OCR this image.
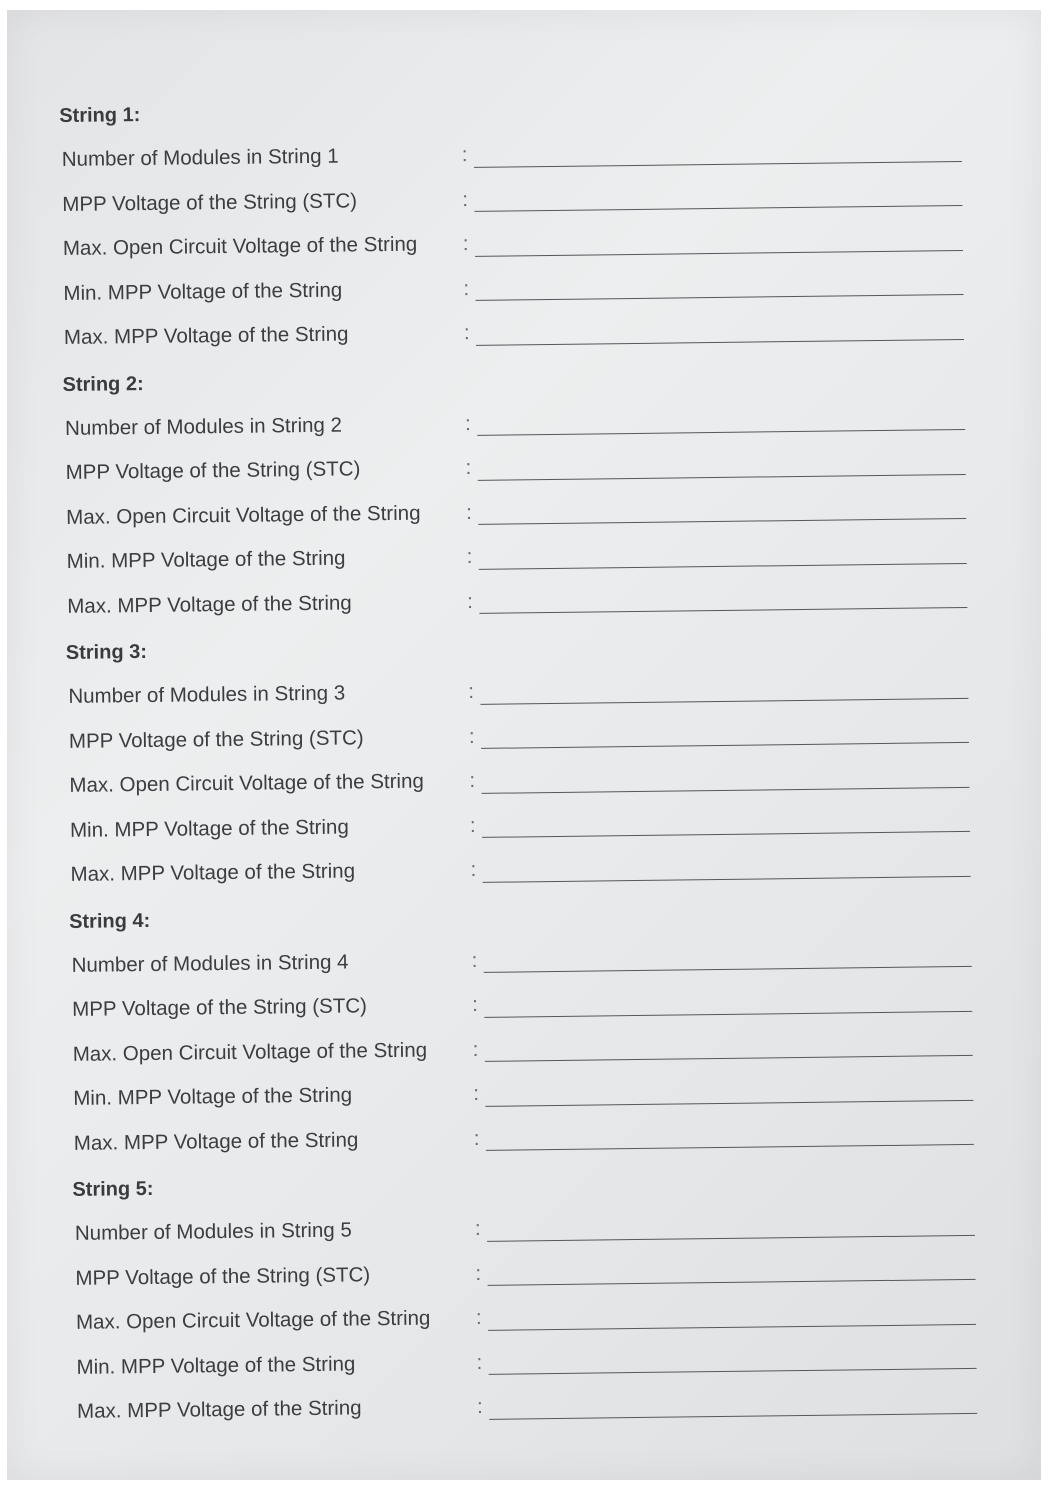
String 1:
Number of Modules in String 1	:
MPP Voltage of the String (STC)	:
Max. Open Circuit Voltage of the String :
Min. MPP Voltage of the String	:
Max. MPP Voltage of the String	:
String 2:
Number of Modules in String 2	:
MPP Voltage of the String (STC)	:
Max. Open Circuit Voltage of the String :
Min. MPP Voltage of the String	:
Max. MPP Voltage of the String	:
String 3:
Number of Modules in String 3	:
MPP Voltage of the String (STC)	:
Max. Open Circuit Voltage of the String :
Min. MPP Voltage of the String	:
Max. MPP Voltage of the String	:
String 4:
Number of Modules in String 4	:
MPP Voltage of the String (STC)	:
Max. Open Circuit Voltage of the String :
Min. MPP Voltage of the String	:
Max. MPP Voltage of the String	:
String 5:
Number of Modules in String 5	:
MPP Voltage of the String (STC)	:
Max. Open Circuit Voltage of the String :
Min. MPP Voltage of the String	:
Max. MPP Voltage of the String	:
